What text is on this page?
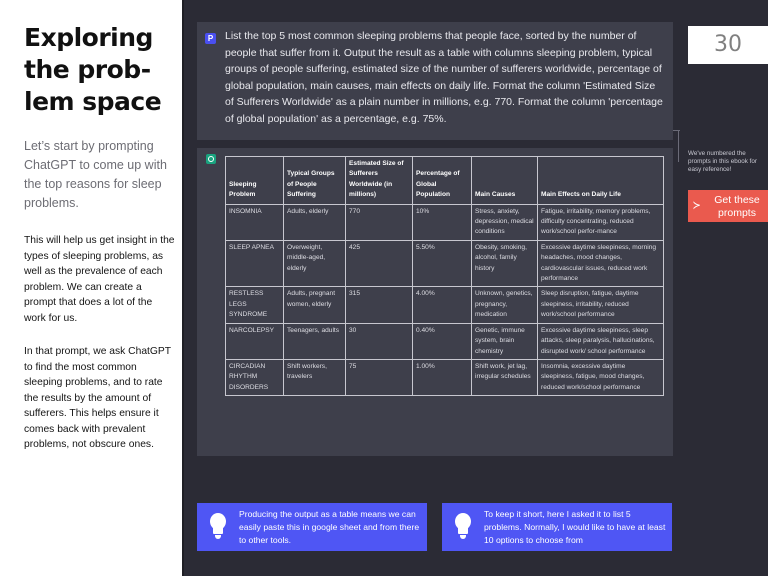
Exploring
the prob-
lem space
Let’s start by prompting ChatGPT to come up with the top reasons for sleep problems.
This will help us get insight in the types of sleeping problems, as well as the prevalence of each problem. We can create a prompt that does a lot of the work for us.
In that prompt, we ask ChatGPT to find the most common sleeping problems, and to rate the results by the amount of sufferers. This helps ensure it comes back with prevalent problems, not obscure ones.
30
P List the top 5 most common sleeping problems that people face, sorted by the number of people that suffer from it. Output the result as a table with columns sleeping problem, typical groups of people suffering, estimated size of the number of sufferers worldwide, percentage of global population, main causes, main effects on daily life. Format the column 'Estimated Size of Sufferers Worldwide' as a plain number in millions, e.g. 770. Format the column 'percentage of global population' as a percentage, e.g. 75%.
We've numbered the prompts in this ebook for easy reference!
≻	Get these prompts
Sleeping Problem	Typical Groups of People Suffering	Estimated Size of Sufferers Worldwide (in millions)	Percentage of Global Population	Main Causes	Main Effects on Daily Life
INSOMNIA	Adults, elderly	770	10%	Stress, anxiety, depression, medical conditions	Fatigue, irritability, memory problems, difficulty concentrating, reduced work/school perfor-mance
SLEEP APNEA	Overweight, middle-aged, elderly	425	5.50%	Obesity, smoking, alcohol, family history	Excessive daytime sleepiness, morning headaches, mood changes, cardiovascular issues, reduced work performance
RESTLESS LEGS SYNDROME	Adults, pregnant women, elderly	315	4.00%	Unknown, genetics, pregnancy, medication	Sleep disruption, fatigue, daytime sleepiness, irritability, reduced work/school performance
NARCOLEPSY	Teenagers, adults	30	0.40%	Genetic, immune system, brain chemistry	Excessive daytime sleepiness, sleep attacks, sleep paralysis, hallucinations, disrupted work/ school performance
CIRCADIAN RHYTHM DISORDERS	Shift workers, travelers	75	1.00%	Shift work, jet lag, irregular schedules	Insomnia, excessive daytime sleepiness, fatigue, mood changes, reduced work/school performance
Producing the output as a table means we can easily paste this in google sheet and from there to other tools.
To keep it short, here I asked it to list 5 problems. Normally, I would like to have at least 10 options to choose from
